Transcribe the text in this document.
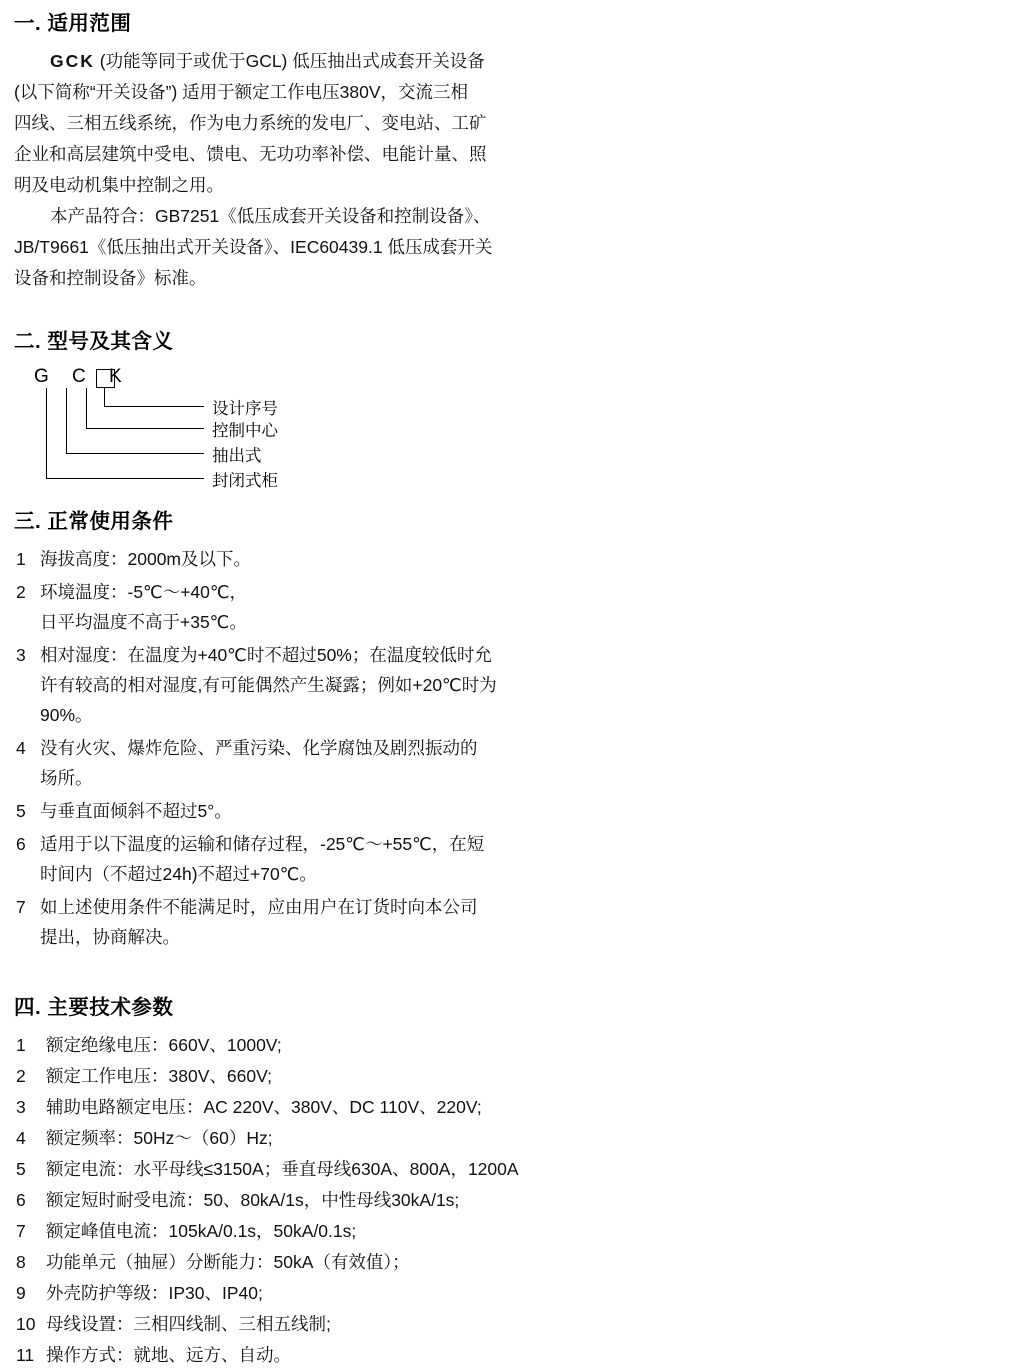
一. 适用范围

GCK (功能等同于或优于GCL) 低压抽出式成套开关设备

(以下简称“开关设备”) 适用于额定工作电压380V，交流三相

四线、三相五线系统，作为电力系统的发电厂、变电站、工矿

企业和高层建筑中受电、馈电、无功功率补偿、电能计量、照

明及电动机集中控制之用。

本产品符合：GB7251《低压成套开关设备和控制设备》、

JB/T9661《低压抽出式开关设备》、IEC60439.1 低压成套开关

设备和控制设备》标准。

二. 型号及其含义
G C K
设计序号
控制中心
抽出式
封闭式柜
三. 正常使用条件
1 海拔高度：2000m及以下。
2 环境温度：-5℃～+40℃，
日平均温度不高于+35℃。
3 相对湿度：在温度为+40℃时不超过50%；在温度较低时允
许有较高的相对湿度,有可能偶然产生凝露；例如+20℃时为
90%。
4 没有火灾、爆炸危险、严重污染、化学腐蚀及剧烈振动的
场所。
5 与垂直面倾斜不超过5°。
6 适用于以下温度的运输和储存过程，-25℃～+55℃，在短
时间内（不超过24h)不超过+70℃。
7 如上述使用条件不能满足时，应由用户在订货时向本公司
提出，协商解决。
四. 主要技术参数
1 额定绝缘电压：660V、1000V;
2 额定工作电压：380V、660V;
3 辅助电路额定电压：AC 220V、380V、DC 110V、220V;
4 额定频率：50Hz～（60）Hz;
5 额定电流：水平母线≤3150A；垂直母线630A、800A，1200A
6 额定短时耐受电流：50、80kA/1s，中性母线30kA/1s;
7 额定峰值电流：105kA/0.1s，50kA/0.1s;
8 功能单元（抽屉）分断能力：50kA（有效值）；
9 外壳防护等级：IP30、IP40;
10 母线设置：三相四线制、三相五线制;
11 操作方式：就地、远方、自动。
